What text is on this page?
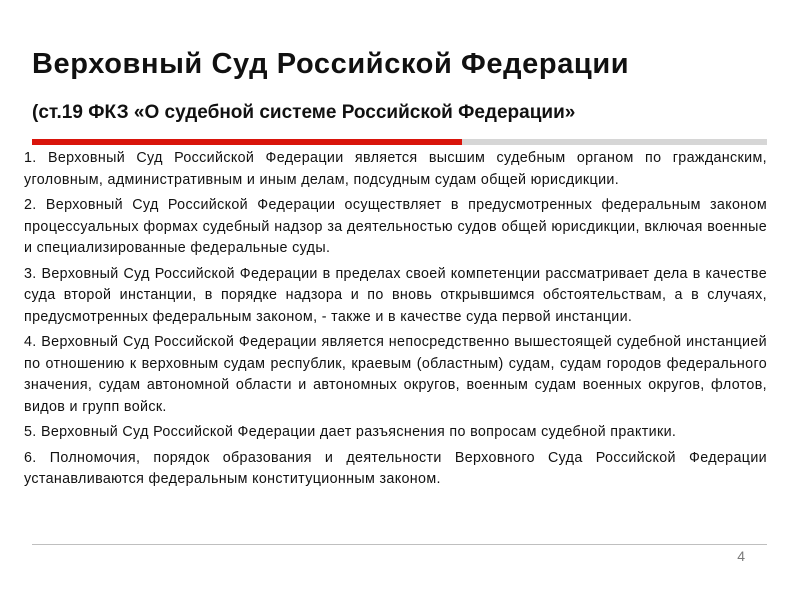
Верховный Суд Российской Федерации
(ст.19 ФКЗ «О судебной системе Российской Федерации»

1. Верховный Суд Российской Федерации является высшим судебным органом по гражданским, уголовным, административным и иным делам, подсудным судам общей юрисдикции.

2. Верховный Суд Российской Федерации осуществляет в предусмотренных федеральным законом процессуальных формах судебный надзор за деятельностью судов общей юрисдикции, включая военные и специализированные федеральные суды.

3. Верховный Суд Российской Федерации в пределах своей компетенции рассматривает дела в качестве суда второй инстанции, в порядке надзора и по вновь открывшимся обстоятельствам, а в случаях, предусмотренных федеральным законом, - также и в качестве суда первой инстанции.

4. Верховный Суд Российской Федерации является непосредственно вышестоящей судебной инстанцией по отношению к верховным судам республик, краевым (областным) судам, судам городов федерального значения, судам автономной области и автономных округов, военным судам военных округов, флотов, видов и групп войск.

5. Верховный Суд Российской Федерации дает разъяснения по вопросам судебной практики.

6. Полномочия, порядок образования и деятельности Верховного Суда Российской Федерации устанавливаются федеральным конституционным законом.

4
